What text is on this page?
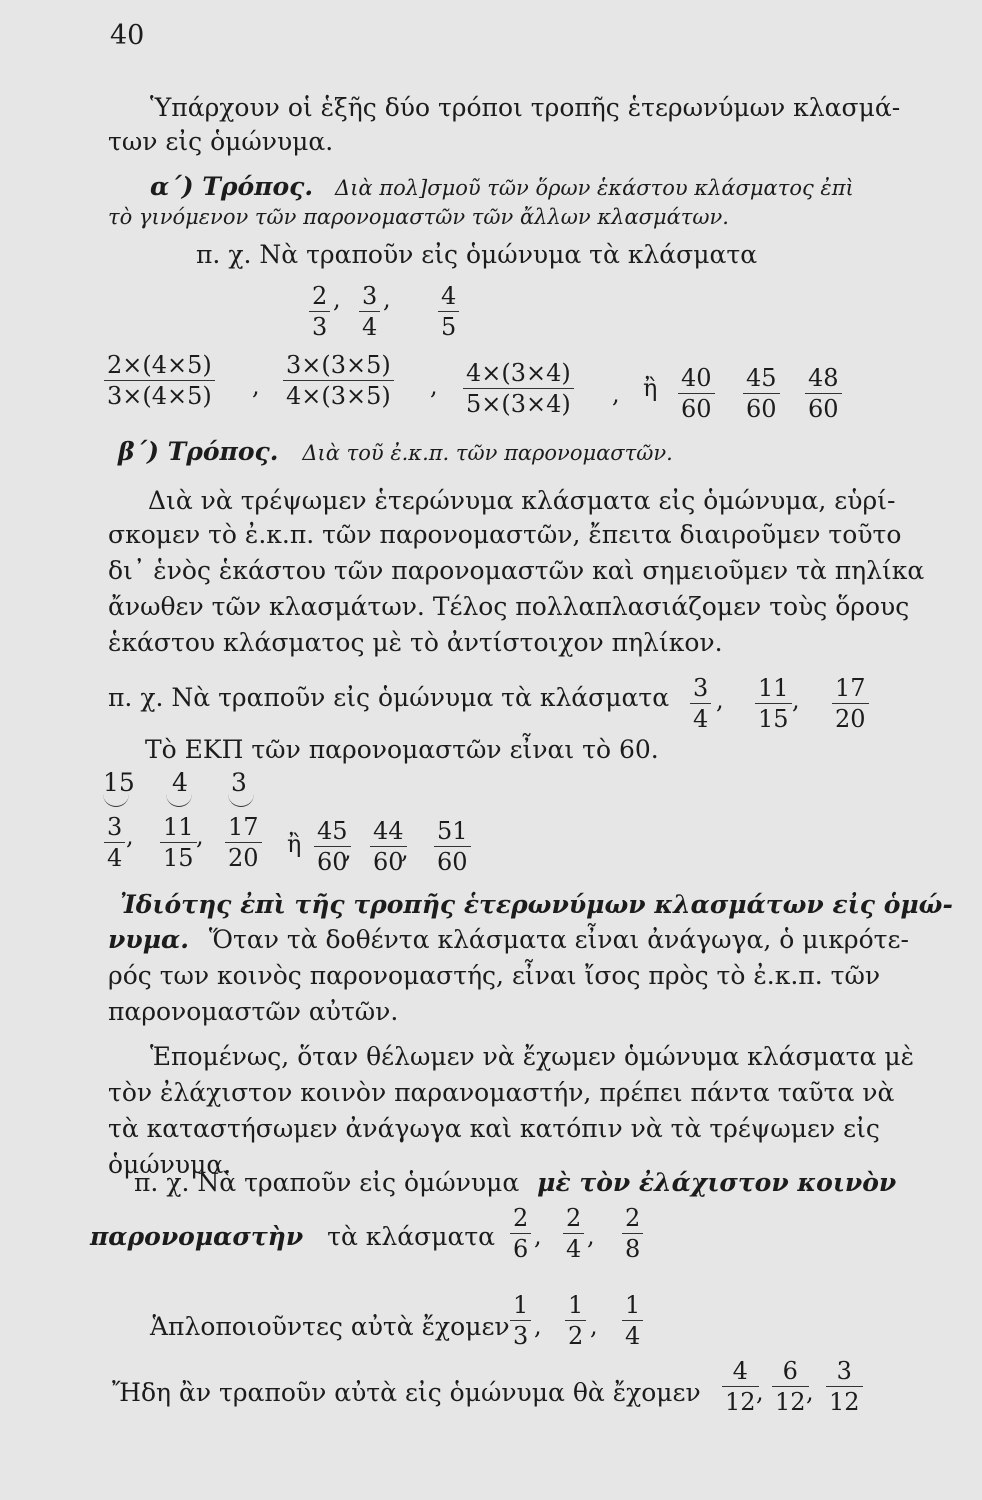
40
Ὑπάρχουν οἱ ἑξῆς δύο τρόποι τροπῆς ἑτερωνύμων κλασμά-
των εἰς ὁμώνυμα.
α΄) Τρόπος. Διὰ πολ]σμοῦ τῶν ὅρων ἑκάστου κλάσματος ἐπὶ
τὸ γινόμενον τῶν παρονομαστῶν τῶν ἄλλων κλασμάτων.
π. χ. Νὰ τραποῦν εἰς ὁμώνυμα τὰ κλάσματα
$\frac{2}{3}$ , $\frac{3}{4}$ , $\frac{4}{5}$
$\frac{2\times(4\times 5)}{3\times(4\times 5)}$ , $\frac{3\times(3\times 5)}{4\times(3\times 5)}$ , $\frac{4\times(3\times 4)}{5\times(3\times 4)}$ , ἢ $\frac{40}{60} \frac{45}{60} \frac{48}{60}$
β΄) Τρόπος. Διὰ τοῦ ἐ.κ.π. τῶν παρονομαστῶν.
Διὰ νὰ τρέψωμεν ἑτερώνυμα κλάσματα εἰς ὁμώνυμα, εὑρί-
σκομεν τὸ ἐ.κ.π. τῶν παρονομαστῶν, ἔπειτα διαιροῦμεν τοῦτο
δι᾿ ἑνὸς ἑκάστου τῶν παρονομαστῶν καὶ σημειοῦμεν τὰ πηλίκα
ἄνωθεν τῶν κλασμάτων. Τέλος πολλαπλασιάζομεν τοὺς ὅρους
ἑκάστου κλάσματος μὲ τὸ ἀντίστοιχον πηλίκον.
π. χ. Νὰ τραποῦν εἰς ὁμώνυμα τὰ κλάσματα $\frac{3}{4}$ , $\frac{11}{15}$ , $\frac{17}{20}$
Τὸ ΕΚΠ τῶν παρονομαστῶν εἶναι τὸ 60.
15 4 3
$\frac{3}{4}$ , $\frac{11}{15}$ , $\frac{17}{20}$ ἢ $\frac{45}{60}$
, $\frac{44}{60}$
, $\frac{51}{60}$
Ἰδιότης ἐπὶ τῆς τροπῆς ἑτερωνύμων κλασμάτων εἰς ὁμώ-
νυμα. Ὅταν τὰ δοθέντα κλάσματα εἶναι ἀνάγωγα, ὁ μικρότε-
ρός των κοινὸς παρονομαστής, εἶναι ἴσος πρὸς τὸ ἐ.κ.π. τῶν
παρονομαστῶν αὐτῶν.
Ἑπομένως, ὅταν θέλωμεν νὰ ἔχωμεν ὁμώνυμα κλάσματα μὲ
τὸν ἐλάχιστον κοινὸν παρανομαστήν, πρέπει πάντα ταῦτα νὰ
τὰ καταστήσωμεν ἀνάγωγα καὶ κατόπιν νὰ τὰ τρέψωμεν εἰς
ὁμώνυμα.
π. χ. Νὰ τραποῦν εἰς ὁμώνυμα μὲ τὸν ἐλάχιστον κοινὸν
παρονομαστὴν τὰ κλάσματα $\frac{2}{6}$ , $\frac{2}{4}$ , $\frac{2}{8}$
Ἁπλοποιοῦντες αὐτὰ ἔχομεν $\frac{1}{3}$ , $\frac{1}{2}$ , $\frac{1}{4}$
Ἤδη ἂν τραποῦν αὐτὰ εἰς ὁμώνυμα θὰ ἔχομεν $\frac{4}{12}$
, $\frac{6}{12}$
, $\frac{3}{12}$
